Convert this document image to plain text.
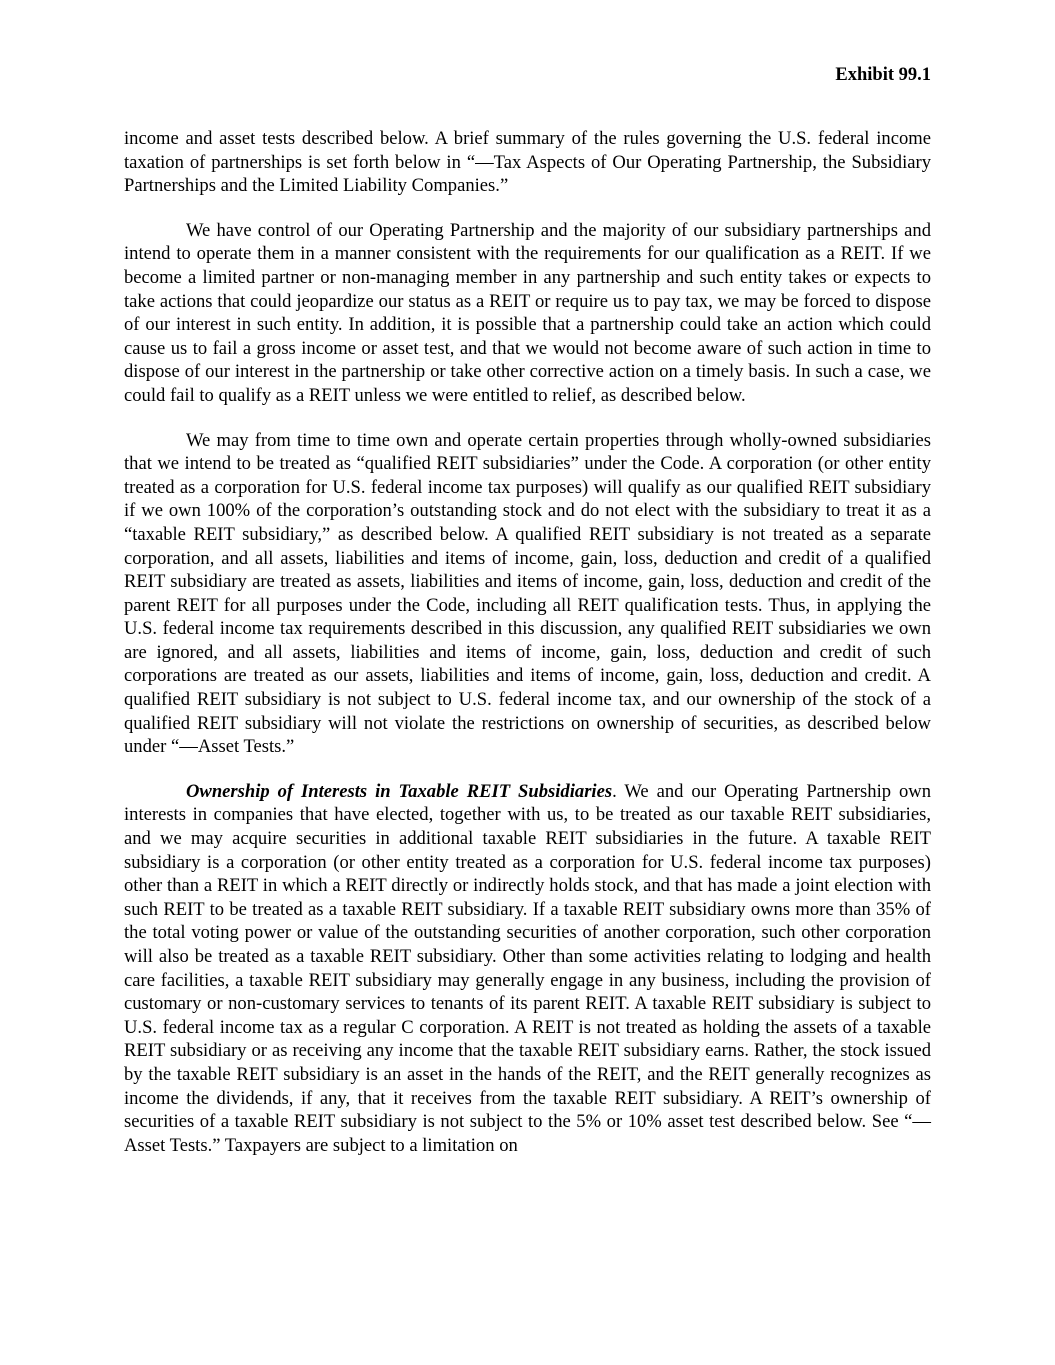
Exhibit 99.1

income and asset tests described below. A brief summary of the rules governing the U.S. federal income taxation of partnerships is set forth below in “—Tax Aspects of Our Operating Partnership, the Subsidiary Partnerships and the Limited Liability Companies.”

We have control of our Operating Partnership and the majority of our subsidiary partnerships and intend to operate them in a manner consistent with the requirements for our qualification as a REIT. If we become a limited partner or non-managing member in any partnership and such entity takes or expects to take actions that could jeopardize our status as a REIT or require us to pay tax, we may be forced to dispose of our interest in such entity. In addition, it is possible that a partnership could take an action which could cause us to fail a gross income or asset test, and that we would not become aware of such action in time to dispose of our interest in the partnership or take other corrective action on a timely basis. In such a case, we could fail to qualify as a REIT unless we were entitled to relief, as described below.

We may from time to time own and operate certain properties through wholly-owned subsidiaries that we intend to be treated as “qualified REIT subsidiaries” under the Code. A corporation (or other entity treated as a corporation for U.S. federal income tax purposes) will qualify as our qualified REIT subsidiary if we own 100% of the corporation’s outstanding stock and do not elect with the subsidiary to treat it as a “taxable REIT subsidiary,” as described below. A qualified REIT subsidiary is not treated as a separate corporation, and all assets, liabilities and items of income, gain, loss, deduction and credit of a qualified REIT subsidiary are treated as assets, liabilities and items of income, gain, loss, deduction and credit of the parent REIT for all purposes under the Code, including all REIT qualification tests. Thus, in applying the U.S. federal income tax requirements described in this discussion, any qualified REIT subsidiaries we own are ignored, and all assets, liabilities and items of income, gain, loss, deduction and credit of such corporations are treated as our assets, liabilities and items of income, gain, loss, deduction and credit. A qualified REIT subsidiary is not subject to U.S. federal income tax, and our ownership of the stock of a qualified REIT subsidiary will not violate the restrictions on ownership of securities, as described below under “—Asset Tests.”

Ownership of Interests in Taxable REIT Subsidiaries. We and our Operating Partnership own interests in companies that have elected, together with us, to be treated as our taxable REIT subsidiaries, and we may acquire securities in additional taxable REIT subsidiaries in the future. A taxable REIT subsidiary is a corporation (or other entity treated as a corporation for U.S. federal income tax purposes) other than a REIT in which a REIT directly or indirectly holds stock, and that has made a joint election with such REIT to be treated as a taxable REIT subsidiary. If a taxable REIT subsidiary owns more than 35% of the total voting power or value of the outstanding securities of another corporation, such other corporation will also be treated as a taxable REIT subsidiary. Other than some activities relating to lodging and health care facilities, a taxable REIT subsidiary may generally engage in any business, including the provision of customary or non-customary services to tenants of its parent REIT. A taxable REIT subsidiary is subject to U.S. federal income tax as a regular C corporation. A REIT is not treated as holding the assets of a taxable REIT subsidiary or as receiving any income that the taxable REIT subsidiary earns. Rather, the stock issued by the taxable REIT subsidiary is an asset in the hands of the REIT, and the REIT generally recognizes as income the dividends, if any, that it receives from the taxable REIT subsidiary. A REIT’s ownership of securities of a taxable REIT subsidiary is not subject to the 5% or 10% asset test described below. See “—Asset Tests.” Taxpayers are subject to a limitation on
